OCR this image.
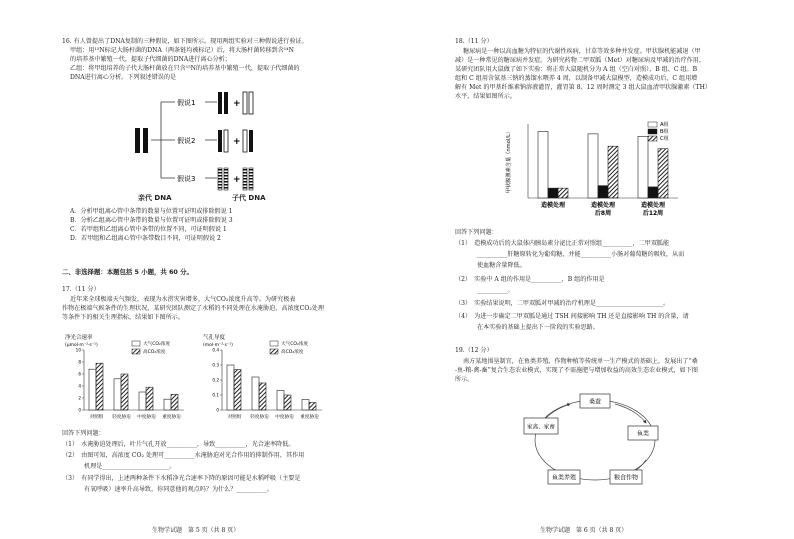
16. 有人曾提出了DNA复制的三种假说，如下图所示。现用两组实验对三种假说进行验证。
甲组：用¹⁵N标记大肠杆菌的DNA（两条链均被标记）后，将大肠杆菌转移到含¹⁴N
的培养基中繁殖一代，提取子代细菌的DNA进行离心分析；
乙组：将甲组培养的子代大肠杆菌放在只含¹⁵N的培养基中繁殖一代，提取子代细菌的
DNA进行离心分析。下列叙述错误的是
假说1
假说2
假说3
+
+
+
亲代 DNA	子代 DNA
A．分析甲组离心管中条带的数量与位置可证明或排除假说 1
B．分析乙组离心管中条带的数量与位置可证明或排除假说 3
C．若甲组和乙组离心管中条带的位置不同，可证明假说 1
D．若甲组和乙组离心管中条带数目不同，可证明假说 2
二、非选择题：本题包括 5 小题，共 60 分。
17.（11 分）
近年来全球极端天气频发，表现为水涝灾害增多，大气CO₂浓度升高等。为研究极表
作物在极端气候条件的生理状况，某研究团队测定了水稻的不同处理在水淹胁迫、高浓度CO₂处理
等条件下的相关生理指标，结果如下图所示。
净光合速率
(μmol·m⁻²·s⁻¹)
0
2
4
6
8
10
对照组 轻度胁迫 中度胁迫 重度胁迫
大气CO₂浓度
高CO₂浓度
气孔导度
(mol·m⁻²·s⁻¹)
0
0.1
0.2
0.3
0.4
对照组 轻度胁迫 中度胁迫 重度胁迫
大气CO₂浓度
高CO₂浓度
回答下列问题：
（1）　水淹胁迫处理后，叶片气孔开放__________，导致__________，光合速率降低。
（2）　由图可知，高浓度 CO₂ 处理可__________水淹胁迫对光合作用的抑制作用，其作用
机理是______________________。
（3）　有同学得出，上述两种条件下水稻净光合速率下降的原因可能是水稻呼吸（主要是
有氧呼吸）速率升高导致，你同意他的观点吗？为什么？__________。
生物学试题　第 5 页（共 8 页）
18.（11 分）
糖尿病是一种以高血糖为特征的代谢性疾病，甘草等效多种并发症。甲状腺机能减退（甲
减）是一种常见的糖尿病并发症。为研究药物二甲双胍（Met）对糖尿病及甲减的治疗作用，
某研究团队用大鼠做了如下实验：将正常大鼠随机分为 A 组（空白对照）、B 组、C 组。B
组和 C 组用含氨基三钠的蒸馏水喂养 4 周，以制备甲减大鼠模型，造模成功后，C 组用增
解有 Met 的甲基纤维素钠溶液灌胃，灌胃第 8、12 周时测定 3 组大鼠血清甲状腺激素（TH）
水平，结果如图所示。
甲状腺激素含量（nmol/L）
造模处理	造模处理
后8周
造模处理
后12周
A组
B组
C组
回答下列问题：
（1）　造模成功后的大鼠体内胰岛素分泌比正常对照组__________，二甲双胍能
__________肝糖原转化为葡萄糖，并能__________小肠对葡萄糖的吸收，从而
使血糖含量降低。
（2）　实验中 A 组的作用是__________，B 组的作用是
__________。
（3）　实验结果说明，二甲双胍对甲减的治疗机理是______________________。
（4）　为进一步确定二甲双胍是通过 TSH 间接影响 TH 还是直接影响 TH 的含量，请
在本实验的基础上提出下一阶段的实验思路。
19.（12 分）
南方某地围垦制宜，在鱼类养殖、作物种植等传统单一生产模式的基础上，发展出了“桑
-鱼-粮-禽-畜”复合生态农业模式，实现了不需施肥与增加收益的高效生态农业模式，如下图
所示。
桑蚕
鱼类
粮食作物
鱼类养殖
家禽、家畜
生物学试题　第 6 页（共 8 页）
